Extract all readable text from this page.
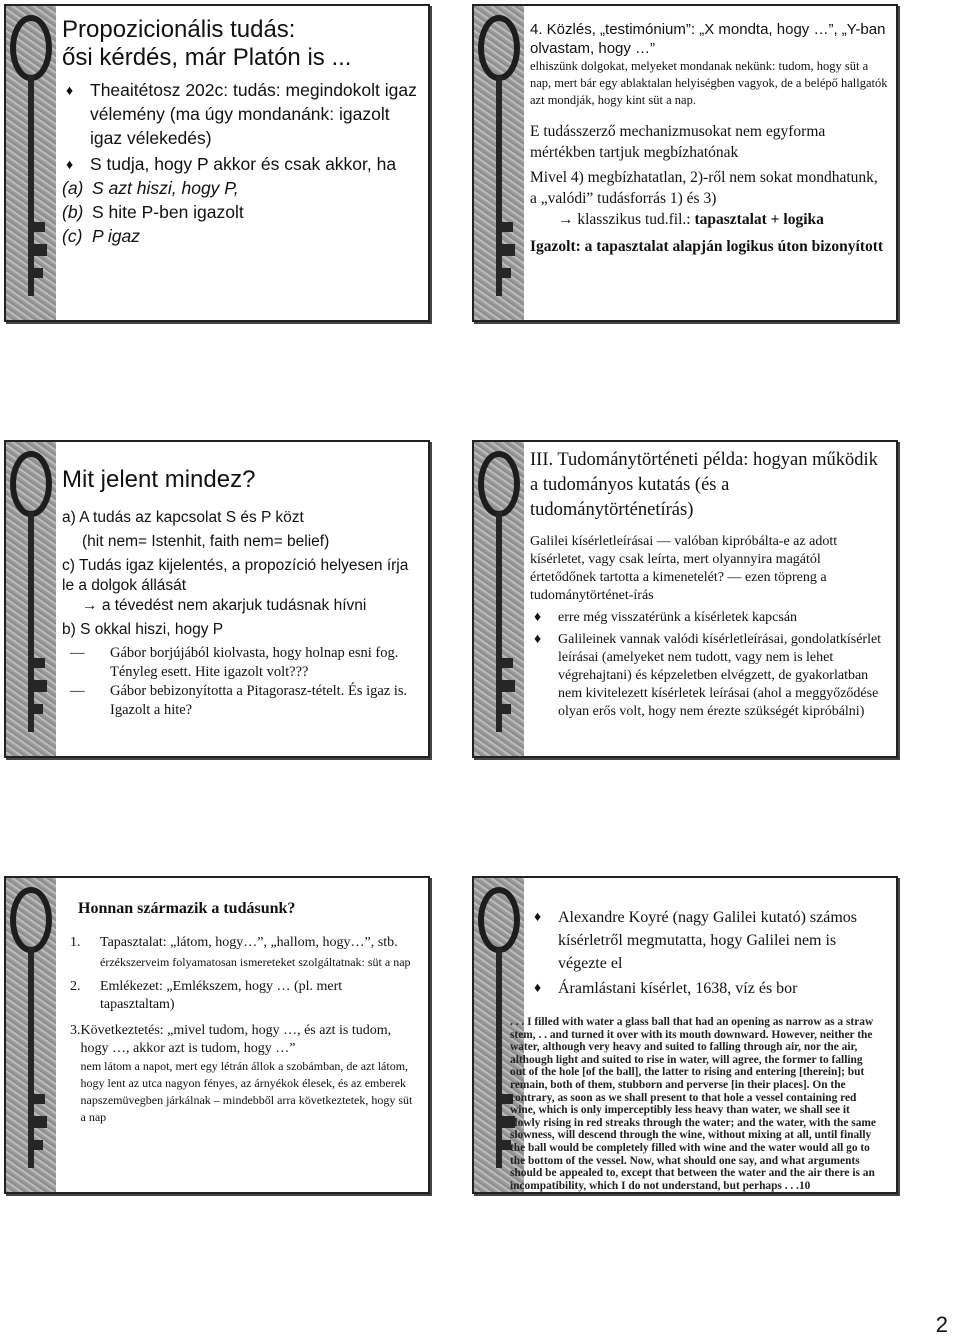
Propozicionális tudás:
ősi kérdés, már Platón is ...

♦ Theaitétosz 202c: tudás: megindokolt igaz vélemény (ma úgy mondanánk: igazolt igaz vélekedés)

♦ S tudja, hogy P akkor és csak akkor, ha

(a) S azt hiszi, hogy P,

(b) S hite P-ben igazolt

(c) P igaz

4. Közlés, „testimónium”: „X mondta, hogy …”, „Y-ban olvastam, hogy …”

elhiszünk dolgokat, melyeket mondanak nekünk: tudom, hogy süt a nap, mert bár egy ablaktalan helyiségben vagyok, de a belépő hallgatók azt mondják, hogy kint süt a nap.

E tudásszerző mechanizmusokat nem egyforma mértékben tartjuk megbízhatónak

Mivel 4) megbízhatatlan, 2)-ről nem sokat mondhatunk, a „valódi” tudásforrás 1) és 3)

→ klasszikus tud.fil.: tapasztalat + logika

Igazolt: a tapasztalat alapján logikus úton bizonyított

Mit jelent mindez?

a) A tudás az kapcsolat S és P közt

(hit nem= Istenhit, faith nem= belief)

c) Tudás igaz kijelentés, a propozíció helyesen írja le a dolgok állását

→ a tévedést nem akarjuk tudásnak hívni

b) S okkal hiszi, hogy P

— Gábor borjújából kiolvasta, hogy holnap esni fog. Tényleg esett. Hite igazolt volt???

— Gábor bebizonyította a Pitagorasz-tételt. És igaz is. Igazolt a hite?

III. Tudománytörténeti példa: hogyan működik a tudományos kutatás (és a tudománytörténetírás)

Galilei kísérletleírásai — valóban kipróbálta-e az adott kísérletet, vagy csak leírta, mert olyannyira magától értetődőnek tartotta a kimenetelét? — ezen töpreng a tudománytörténet-írás

♦ erre még visszatérünk a kísérletek kapcsán

♦ Galileinek vannak valódi kísérletleírásai, gondolatkísérlet leírásai (amelyeket nem tudott, vagy nem is lehet végrehajtani) és képzeletben elvégzett, de gyakorlatban nem kivitelezett kísérletek leírásai (ahol a meggyőződése olyan erős volt, hogy nem érezte szükségét kipróbálni)

Honnan származik a tudásunk?
1.	Tapasztalat: „látom, hogy…”, „hallom, hogy…”, stb.

érzékszerveim folyamatosan ismereteket szolgáltatnak: süt a nap

2.	Emlékezet: „Emlékszem, hogy … (pl. mert tapasztaltam)

3. Következtetés: „mivel tudom, hogy …, és azt is tudom, hogy …, akkor azt is tudom, hogy …”

nem látom a napot, mert egy létrán állok a szobámban, de azt látom, hogy lent az utca nagyon fényes, az árnyékok élesek, és az emberek napszemüvegben járkálnak – mindebből arra következtetek, hogy süt a nap

♦ Alexandre Koyré (nagy Galilei kutató) számos kísérletről megmutatta, hogy Galilei nem is végezte el

♦ Áramlástani kísérlet, 1638, víz és bor

. . . I filled with water a glass ball that had an opening as narrow as a straw stem, . . and turned it over with its mouth downward. However, neither the water, although very heavy and suited to falling through air, nor the air, although light and suited to rise in water, will agree, the former to falling out of the hole [of the ball], the latter to rising and entering [therein]; but remain, both of them, stubborn and perverse [in their places]. On the contrary, as soon as we shall present to that hole a vessel containing red wine, which is only imperceptibly less heavy than water, we shall see it slowly rising in red streaks through the water; and the water, with the same slowness, will descend through the wine, without mixing at all, until finally the ball would be completely filled with wine and the water would all go to the bottom of the vessel. Now, what should one say, and what arguments should be appealed to, except that between the water and the air there is an incompatibility, which I do not understand, but perhaps . . .10
2
